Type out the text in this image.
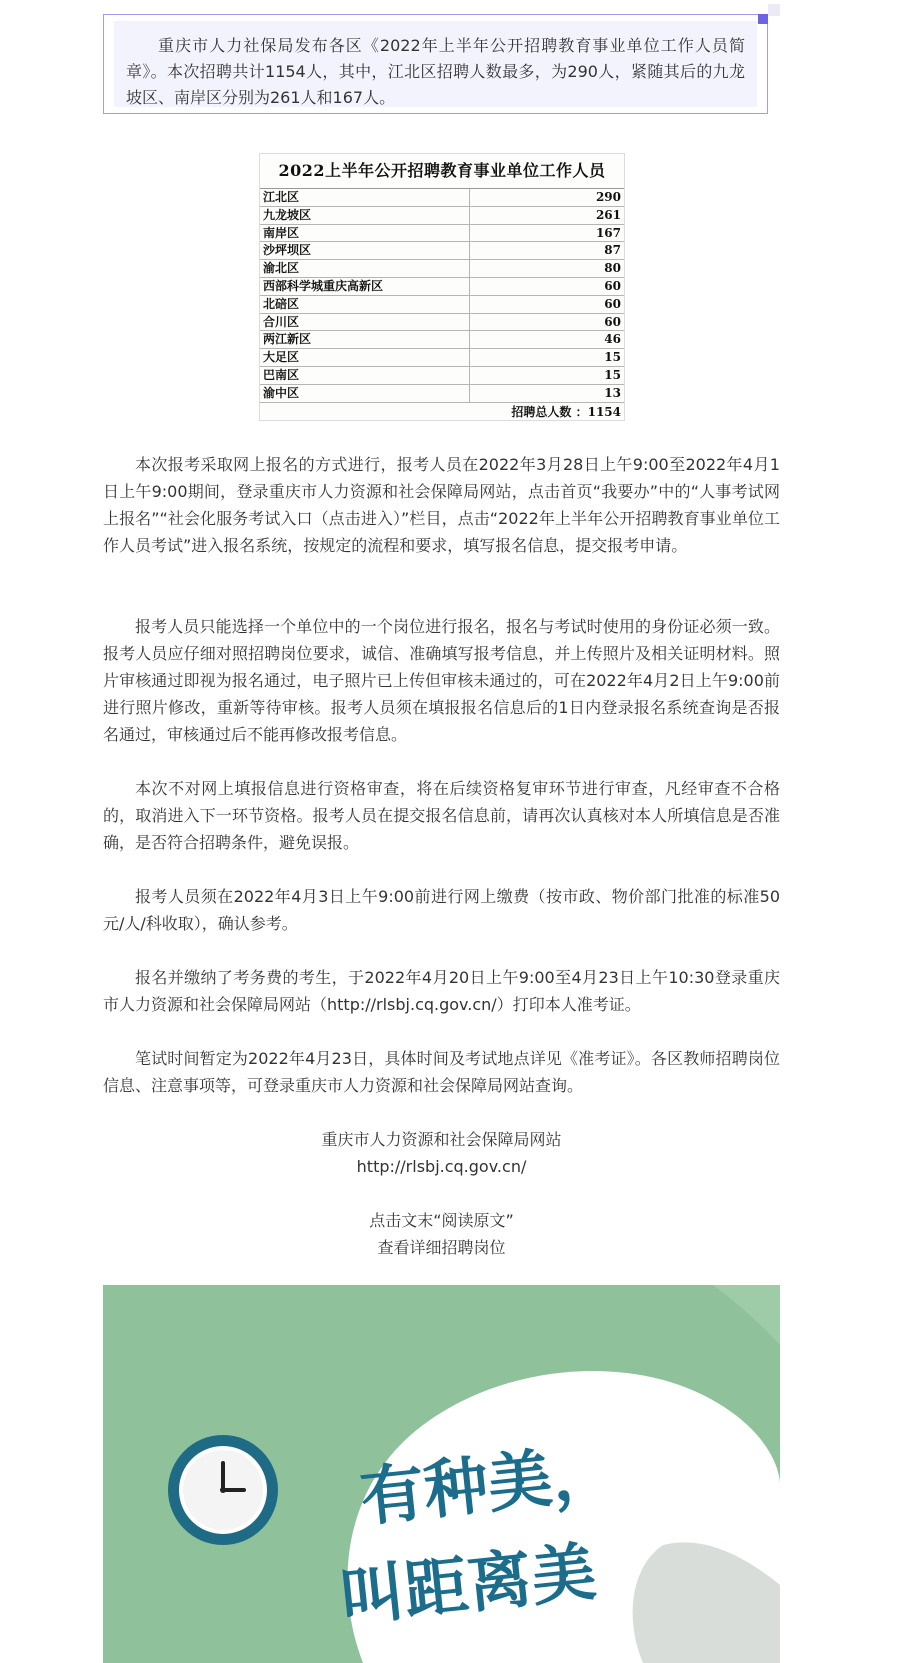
重庆市人力社保局发布各区《2022年上半年公开招聘教育事业单位工作人员简章》。本次招聘共计1154人，其中，江北区招聘人数最多，为290人，紧随其后的九龙坡区、南岸区分别为261人和167人。
2022上半年公开招聘教育事业单位工作人员
江北区	290
九龙坡区	261
南岸区	167
沙坪坝区	87
渝北区	80
西部科学城重庆高新区	60
北碚区	60
合川区	60
两江新区	46
大足区	15
巴南区	15
渝中区	13
招聘总人数 ：1154

本次报考采取网上报名的方式进行，报考人员在2022年3月28日上午9:00至2022年4月1日上午9:00期间，登录重庆市人力资源和社会保障局网站，点击首页“我要办”中的“人事考试网上报名”“社会化服务考试入口（点击进入）”栏目，点击“2022年上半年公开招聘教育事业单位工作人员考试”进入报名系统，按规定的流程和要求，填写报名信息，提交报考申请。

报考人员只能选择一个单位中的一个岗位进行报名，报名与考试时使用的身份证必须一致。报考人员应仔细对照招聘岗位要求，诚信、准确填写报考信息，并上传照片及相关证明材料。照片审核通过即视为报名通过，电子照片已上传但审核未通过的，可在2022年4月2日上午9:00前进行照片修改，重新等待审核。报考人员须在填报报名信息后的1日内登录报名系统查询是否报名通过，审核通过后不能再修改报考信息。

本次不对网上填报信息进行资格审查，将在后续资格复审环节进行审查，凡经审查不合格的，取消进入下一环节资格。报考人员在提交报名信息前，请再次认真核对本人所填信息是否准确，是否符合招聘条件，避免误报。

报考人员须在2022年4月3日上午9:00前进行网上缴费（按市政、物价部门批准的标准50元/人/科收取），确认参考。

报名并缴纳了考务费的考生，于2022年4月20日上午9:00至4月23日上午10:30登录重庆市人力资源和社会保障局网站（http://rlsbj.cq.gov.cn/）打印本人准考证。

笔试时间暂定为2022年4月23日，具体时间及考试地点详见《准考证》。各区教师招聘岗位信息、注意事项等，可登录重庆市人力资源和社会保障局网站查询。

重庆市人力资源和社会保障局网站

http://rlsbj.cq.gov.cn/

点击文末“阅读原文”

查看详细招聘岗位

有种美，
叫距离美
